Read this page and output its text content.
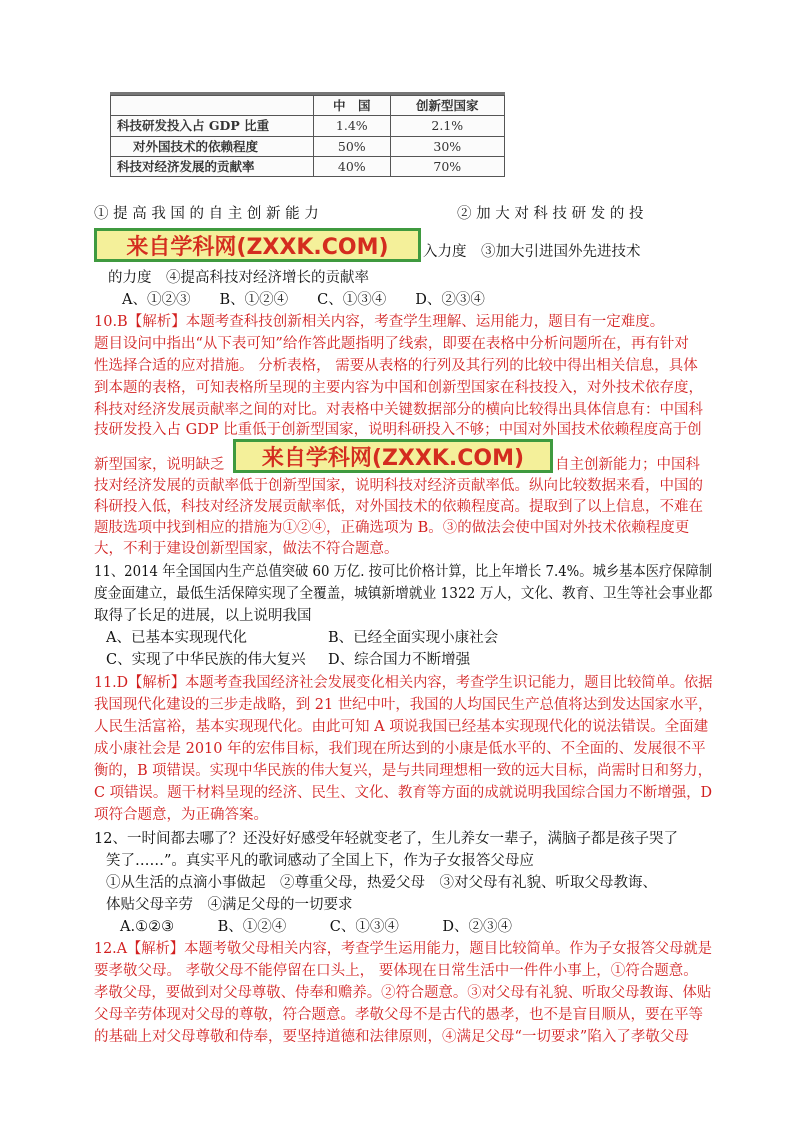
	中　国	创新型国家
科技研发投入占 GDP 比重	1.4%	2.1%
对外国技术的依赖程度	50%	30%
科技对经济发展的贡献率	40%	70%
① 提 高 我 国 的 自 主 创 新 能 力	② 加 大 对 科 技 研 发 的 投
来自学科网(ZXXK.COM)	入力度　③加大引进国外先进技术
的力度　④提高科技对经济增长的贡献率
A、①②③　　B、①②④　　C、①③④　　D、②③④
10.B【解析】本题考查科技创新相关内容，考查学生理解、运用能力，题目有一定难度。
题目设问中指出“从下表可知”给作答此题指明了线索，即要在表格中分析问题所在，再有针对
性选择合适的应对措施。 分析表格， 需要从表格的行列及其行列的比较中得出相关信息，具体
到本题的表格，可知表格所呈现的主要内容为中国和创新型国家在科技投入，对外技术依存度，
科技对经济发展贡献率之间的对比。对表格中关键数据部分的横向比较得出具体信息有：中国科
技研发投入占 GDP 比重低于创新型国家，说明科研投入不够；中国对外国技术依赖程度高于创
来自学科网(ZXXK.COM)
新型国家，说明缺乏	自主创新能力；中国科
技对经济发展的贡献率低于创新型国家，说明科技对经济贡献率低。纵向比较数据来看，中国的
科研投入低，科技对经济发展贡献率低，对外国技术的依赖程度高。提取到了以上信息，不难在
题肢选项中找到相应的措施为①②④，正确选项为 B。③的做法会使中国对外技术依赖程度更
大，不利于建设创新型国家，做法不符合题意。
11、2014 年全国国内生产总值突破 60 万亿. 按可比价格计算，比上年增长 7.4%。城乡基本医疗保障制
度金面建立，最低生活保障实现了全覆盖，城镇新增就业 1322 万人，文化、教育、卫生等社会事业都
取得了长足的进展，以上说明我国
A、已基本实现现代化	B、已经全面实现小康社会
C、实现了中华民族的伟大复兴 D、综合国力不断增强
11.D【解析】本题考查我国经济社会发展变化相关内容，考查学生识记能力，题目比较简单。依据
我国现代化建设的三步走战略，到 21 世纪中叶，我国的人均国民生产总值将达到发达国家水平，
人民生活富裕，基本实现现代化。由此可知 A 项说我国已经基本实现现代化的说法错误。全面建
成小康社会是 2010 年的宏伟目标，我们现在所达到的小康是低水平的、不全面的、发展很不平
衡的，B 项错误。实现中华民族的伟大复兴，是与共同理想相一致的远大目标，尚需时日和努力，
C 项错误。题干材料呈现的经济、民生、文化、教育等方面的成就说明我国综合国力不断增强，D
项符合题意，为正确答案。
12、一时间都去哪了？还没好好感受年轻就变老了，生儿养女一辈子，满脑子都是孩子哭了
笑了……”。真实平凡的歌词感动了全国上下，作为子女报答父母应
①从生活的点滴小事做起　②尊重父母，热爱父母　③对父母有礼貌、听取父母教诲、
体贴父母辛劳　④满足父母的一切要求
A.①②③　　　B、①②④　　　C、①③④　　　D、②③④
12.A【解析】本题考敬父母相关内容，考查学生运用能力，题目比较简单。作为子女报答父母就是
要孝敬父母。 孝敬父母不能停留在口头上， 要体现在日常生活中一件件小事上，①符合题意。
孝敬父母，要做到对父母尊敬、侍奉和赡养。②符合题意。③对父母有礼貌、听取父母教诲、体贴
父母辛劳体现对父母的尊敬，符合题意。孝敬父母不是古代的愚孝，也不是盲目顺从，要在平等
的基础上对父母尊敬和侍奉，要坚持道德和法律原则，④满足父母“一切要求”陷入了孝敬父母
